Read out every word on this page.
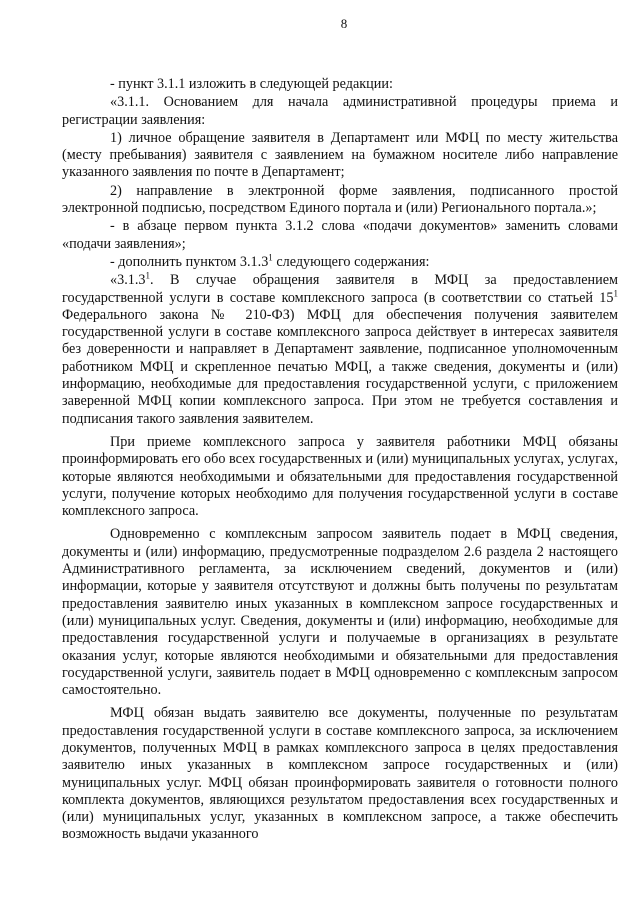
8

- пункт 3.1.1 изложить в следующей редакции:

«3.1.1. Основанием для начала административной процедуры приема и регистрации заявления:

1) личное обращение заявителя в Департамент или МФЦ по месту жительства (месту пребывания) заявителя с заявлением на бумажном носителе либо направление указанного заявления по почте в Департамент;

2) направление в электронной форме заявления, подписанного простой электронной подписью, посредством Единого портала и (или) Регионального портала.»;

- в абзаце первом пункта 3.1.2 слова «подачи документов» заменить словами «подачи заявления»;

- дополнить пунктом 3.1.3$^1$ следующего содержания:

«3.1.3$^1$. В случае обращения заявителя в МФЦ за предоставлением государственной услуги в составе комплексного запроса (в соответствии со статьей $15^1$ Федерального закона № 210-ФЗ) МФЦ для обеспечения получения заявителем государственной услуги в составе комплексного запроса действует в интересах заявителя без доверенности и направляет в Департамент заявление, подписанное уполномоченным работником МФЦ и скрепленное печатью МФЦ, а также сведения, документы и (или) информацию, необходимые для предоставления государственной услуги, с приложением заверенной МФЦ копии комплексного запроса. При этом не требуется составления и подписания такого заявления заявителем.

При приеме комплексного запроса у заявителя работники МФЦ обязаны проинформировать его обо всех государственных и (или) муниципальных услугах, услугах, которые являются необходимыми и обязательными для предоставления государственной услуги, получение которых необходимо для получения государственной услуги в составе комплексного запроса.

Одновременно с комплексным запросом заявитель подает в МФЦ сведения, документы и (или) информацию, предусмотренные подразделом 2.6 раздела 2 настоящего Административного регламента, за исключением сведений, документов и (или) информации, которые у заявителя отсутствуют и должны быть получены по результатам предоставления заявителю иных указанных в комплексном запросе государственных и (или) муниципальных услуг. Сведения, документы и (или) информацию, необходимые для предоставления государственной услуги и получаемые в организациях в результате оказания услуг, которые являются необходимыми и обязательными для предоставления государственной услуги, заявитель подает в МФЦ одновременно с комплексным запросом самостоятельно.

МФЦ обязан выдать заявителю все документы, полученные по результатам предоставления государственной услуги в составе комплексного запроса, за исключением документов, полученных МФЦ в рамках комплексного запроса в целях предоставления заявителю иных указанных в комплексном запросе государственных и (или) муниципальных услуг. МФЦ обязан проинформировать заявителя о готовности полного комплекта документов, являющихся результатом предоставления всех государственных и (или) муниципальных услуг, указанных в комплексном запросе, а также обеспечить возможность выдачи указанного
